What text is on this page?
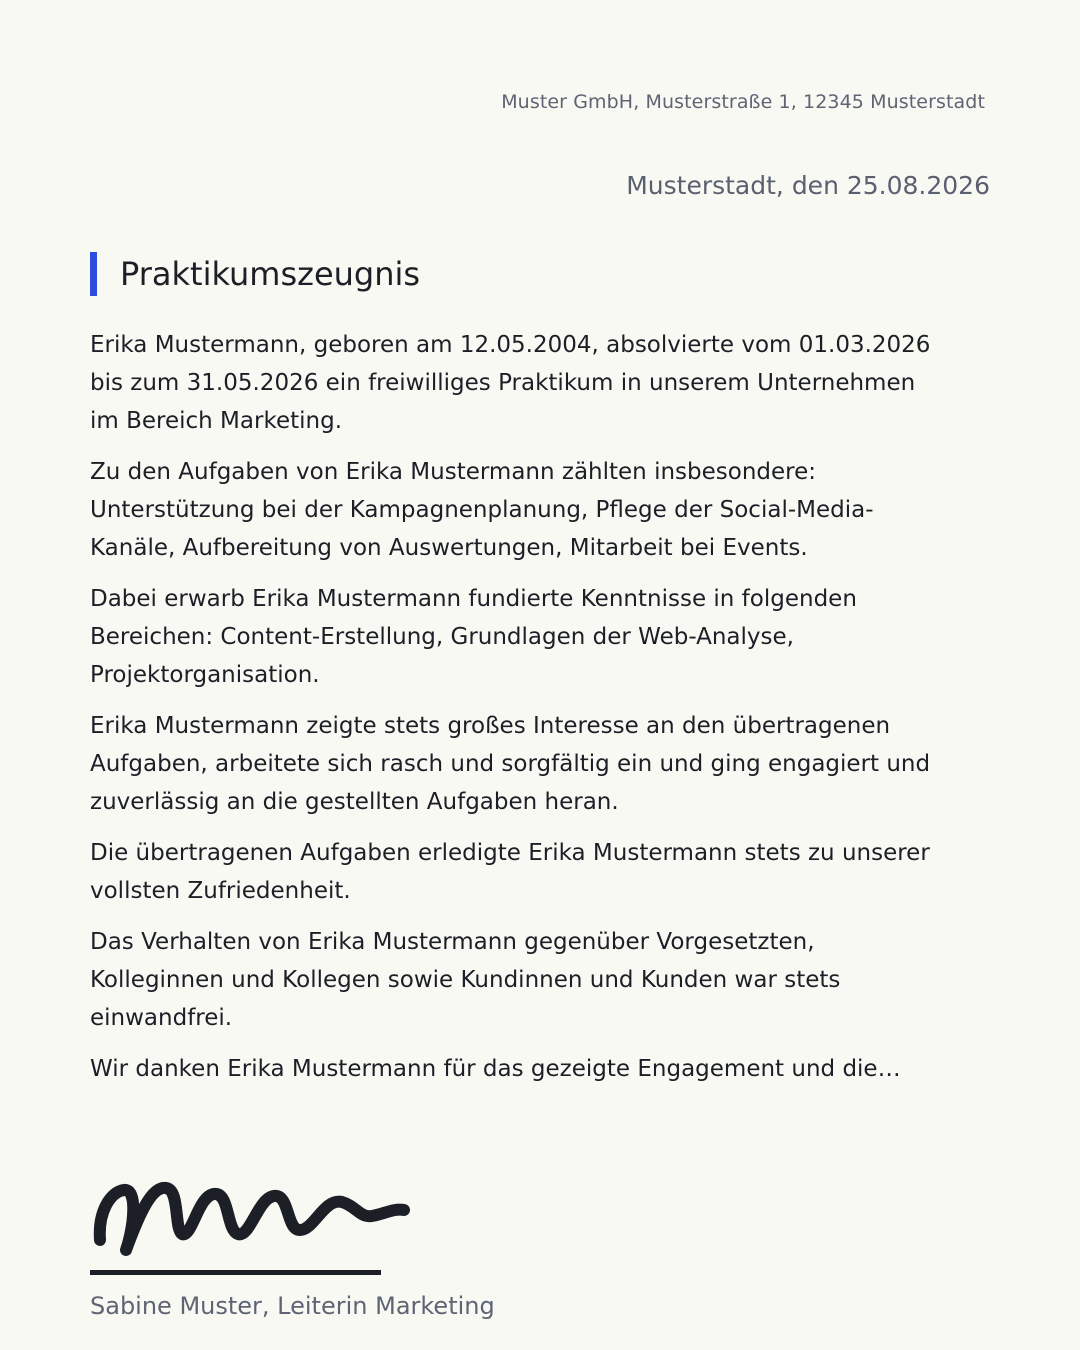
Muster GmbH, Musterstraße 1, 12345 Musterstadt
Musterstadt, den 25.08.2026
Praktikumszeugnis

Erika Mustermann, geboren am 12.05.2004, absolvierte vom 01.03.2026 bis zum 31.05.2026 ein freiwilliges Praktikum in unserem Unternehmen im Bereich Marketing.

Zu den Aufgaben von Erika Mustermann zählten insbesondere: Unterstützung bei der Kampagnenplanung, Pflege der Social-Media-Kanäle, Aufbereitung von Auswertungen, Mitarbeit bei Events.

Dabei erwarb Erika Mustermann fundierte Kenntnisse in folgenden Bereichen: Content-Erstellung, Grundlagen der Web-Analyse, Projektorganisation.

Erika Mustermann zeigte stets großes Interesse an den übertragenen Aufgaben, arbeitete sich rasch und sorgfältig ein und ging engagiert und zuverlässig an die gestellten Aufgaben heran.

Die übertragenen Aufgaben erledigte Erika Mustermann stets zu unserer vollsten Zufriedenheit.

Das Verhalten von Erika Mustermann gegenüber Vorgesetzten, Kolleginnen und Kollegen sowie Kundinnen und Kunden war stets einwandfrei.

Wir danken Erika Mustermann für das gezeigte Engagement und die…

Sabine Muster, Leiterin Marketing
